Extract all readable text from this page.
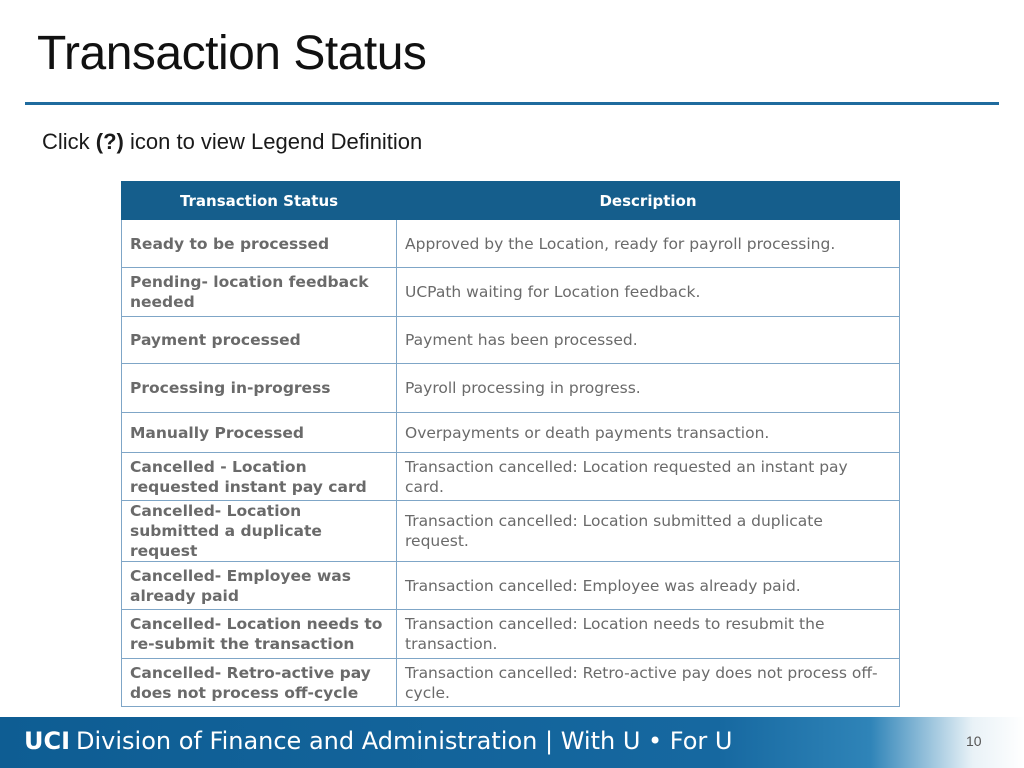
Transaction Status
Click (?) icon to view Legend Definition
Transaction Status	Description
Ready to be processed	Approved by the Location, ready for payroll processing.
Pending- location feedback needed	UCPath waiting for Location feedback.
Payment processed	Payment has been processed.
Processing in-progress	Payroll processing in progress.
Manually Processed	Overpayments or death payments transaction.
Cancelled - Location requested instant pay card	Transaction cancelled: Location requested an instant pay card.
Cancelled- Location submitted a duplicate request	Transaction cancelled: Location submitted a duplicate request.
Cancelled- Employee was already paid	Transaction cancelled: Employee was already paid.
Cancelled- Location needs to re-submit the transaction	Transaction cancelled: Location needs to resubmit the transaction.
Cancelled- Retro-active pay does not process off-cycle	Transaction cancelled: Retro-active pay does not process off-cycle.
UCI Division of Finance and Administration | With U • For U	10
